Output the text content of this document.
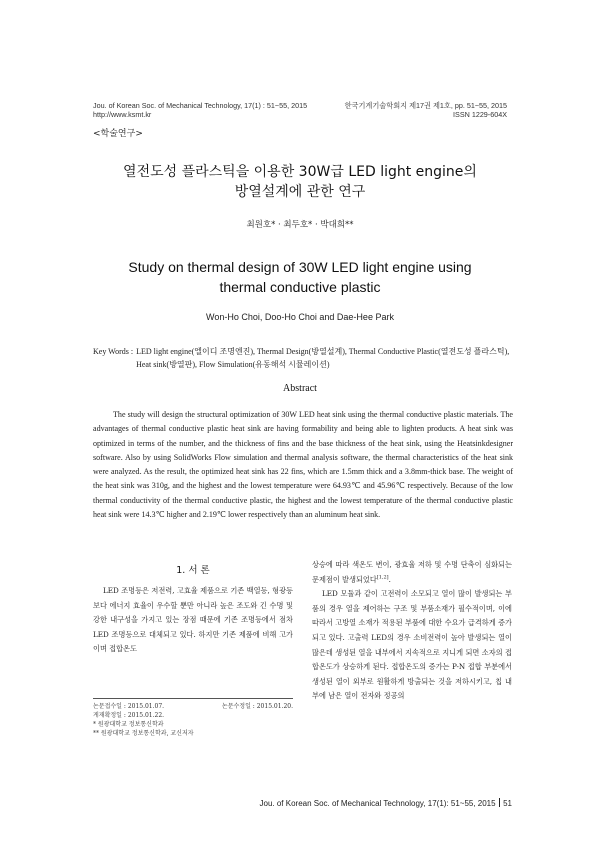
Jou. of Korean Soc. of Mechanical Technology, 17(1) : 51~55, 2015
http://www.ksmt.kr
한국기계기술학회지 제17권 제1호, pp. 51~55, 2015
ISSN 1229-604X
<학술연구>
열전도성 플라스틱을 이용한 30W급 LED light engine의
방열설계에 관한 연구
최원호* · 최두호* · 박대희**
Study on thermal design of 30W LED light engine using
thermal conductive plastic
Won-Ho Choi, Doo-Ho Choi and Dae-Hee Park
Key Words : LED light engine(엘이디 조명엔진), Thermal Design(방열설계), Thermal Conductive Plastic(열전도성 플라스틱), Heat sink(방열판), Flow Simulation(유동해석 시뮬레이션)
Abstract
The study will design the structural optimization of 30W LED heat sink using the thermal conductive plastic materials. The advantages of thermal conductive plastic heat sink are having formability and being able to lighten products. A heat sink was optimized in terms of the number, and the thickness of fins and the base thickness of the heat sink, using the Heatsinkdesigner software. Also by using SolidWorks Flow simulation and thermal analysis software, the thermal characteristics of the heat sink were analyzed. As the result, the optimized heat sink has 22 fins, which are 1.5mm thick and a 3.8mm-thick base. The weight of the heat sink was 310g, and the highest and the lowest temperature were 64.93℃ and 45.96℃ respectively. Because of the low thermal conductivity of the thermal conductive plastic, the highest and the lowest temperature of the thermal conductive plastic heat sink were 14.3℃ higher and 2.19℃ lower respectively than an aluminum heat sink.
1. 서 론

LED 조명등은 저전력, 고효율 제품으로 기존 백열등, 형광등보다 에너지 효율이 우수할 뿐만 아니라 높은 조도와 긴 수명 및 강한 내구성을 가지고 있는 장점 때문에 기존 조명등에서 점차 LED 조명등으로 대체되고 있다. 하지만 기존 제품에 비해 고가이며 접합온도

상승에 따라 색온도 변이, 광효율 저하 및 수명 단축이 심화되는 문제점이 발생되었다[1,2].

LED 모듈과 같이 고전력이 소모되고 열이 많이 발생되는 부품의 경우 열을 제어하는 구조 및 부품소재가 필수적이며, 이에 따라서 고방열 소재가 적용된 부품에 대한 수요가 급격하게 증가되고 있다. 고출력 LED의 경우 소비전력이 높아 발생되는 열이 많은데 생성된 열을 내부에서 지속적으로 지니게 되면 소자의 접합온도가 상승하게 된다. 접합온도의 증가는 P-N 접합 부분에서 생성된 열이 외부로 원활하게 방출되는 것을 저하시키고, 칩 내부에 남은 열이 전자와 정공의

논문접수일 : 2015.01.07.	논문수정일 : 2015.01.20.
게재확정일 : 2015.01.22.
* 원광대학교 정보통신학과
** 원광대학교 정보통신학과, 교신저자
Jou. of Korean Soc. of Mechanical Technology, 17(1): 51~55, 2015 51
